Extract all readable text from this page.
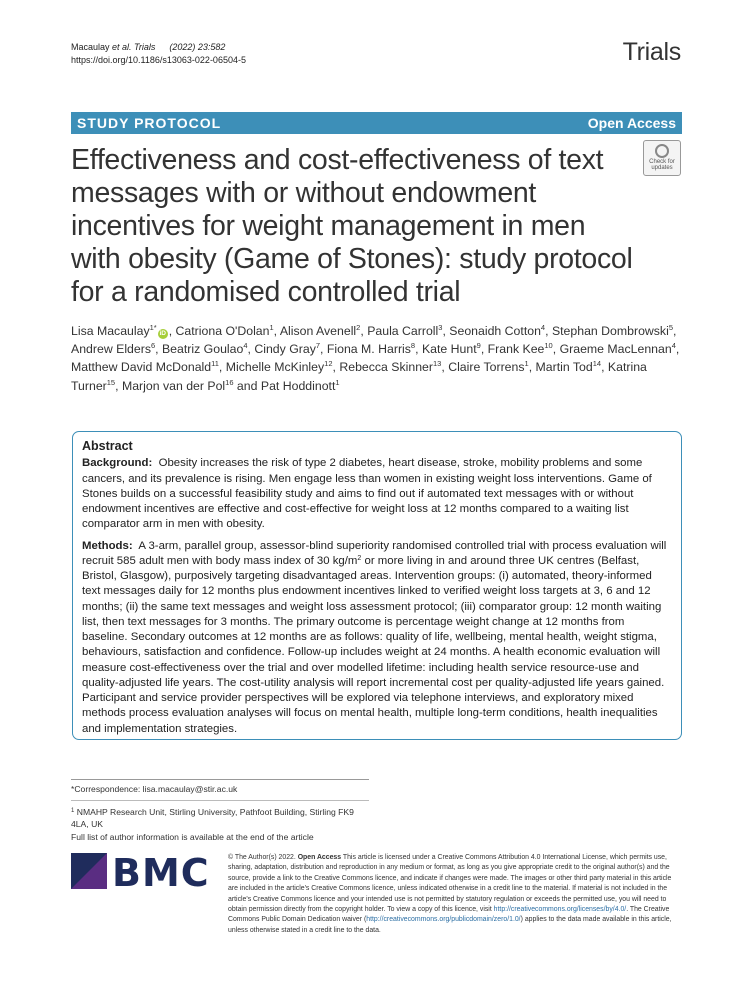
Macaulay et al. Trials (2022) 23:582
https://doi.org/10.1186/s13063-022-06504-5	Trials
STUDY PROTOCOL	Open Access
Effectiveness and cost-effectiveness of text messages with or without endowment incentives for weight management in men with obesity (Game of Stones): study protocol for a randomised controlled trial
Check for
updates
Lisa Macaulay$^{1*}$iD , Catriona O'Dolan$^1$, Alison Avenell$^2$, Paula Carroll$^3$, Seonaidh Cotton$^4$, Stephan Dombrowski$^5$, Andrew Elders$^6$, Beatriz Goulao$^4$, Cindy Gray$^7$, Fiona M. Harris$^8$, Kate Hunt$^9$, Frank Kee$^{10}$, Graeme MacLennan$^4$, Matthew David McDonald$^{11}$, Michelle McKinley$^{12}$, Rebecca Skinner$^{13}$, Claire Torrens$^1$, Martin Tod$^{14}$, Katrina Turner$^{15}$, Marjon van der Pol$^{16}$ and Pat Hoddinott$^1$
Abstract

Background: Obesity increases the risk of type 2 diabetes, heart disease, stroke, mobility problems and some cancers, and its prevalence is rising. Men engage less than women in existing weight loss interventions. Game of Stones builds on a successful feasibility study and aims to find out if automated text messages with or without endowment incentives are effective and cost-effective for weight loss at 12 months compared to a waiting list comparator arm in men with obesity.

Methods: A 3-arm, parallel group, assessor-blind superiority randomised controlled trial with process evaluation will recruit 585 adult men with body mass index of 30 $kg/m^2$ or more living in and around three UK centres (Belfast, Bristol, Glasgow), purposively targeting disadvantaged areas. Intervention groups: (i) automated, theory-informed text messages daily for 12 months plus endowment incentives linked to verified weight loss targets at 3, 6 and 12 months; (ii) the same text messages and weight loss assessment protocol; (iii) comparator group: 12 month waiting list, then text messages for 3 months. The primary outcome is percentage weight change at 12 months from baseline. Secondary outcomes at 12 months are as follows: quality of life, wellbeing, mental health, weight stigma, behaviours, satisfaction and confidence. Follow-up includes weight at 24 months. A health economic evaluation will measure cost-effectiveness over the trial and over modelled lifetime: including health service resource-use and quality-adjusted life years. The cost-utility analysis will report incremental cost per quality-adjusted life years gained. Participant and service provider perspectives will be explored via telephone interviews, and exploratory mixed methods process evaluation analyses will focus on mental health, multiple long-term conditions, health inequalities and implementation strategies.

*Correspondence: lisa.macaulay@stir.ac.uk
$^1$ NMAHP Research Unit, Stirling University, Pathfoot Building, Stirling FK9 4LA, UK
Full list of author information is available at the end of the article
BMC	© The Author(s) 2022. Open Access This article is licensed under a Creative Commons Attribution 4.0 International License, which permits use, sharing, adaptation, distribution and reproduction in any medium or format, as long as you give appropriate credit to the original author(s) and the source, provide a link to the Creative Commons licence, and indicate if changes were made. The images or other third party material in this article are included in the article's Creative Commons licence, unless indicated otherwise in a credit line to the material. If material is not included in the article's Creative Commons licence and your intended use is not permitted by statutory regulation or exceeds the permitted use, you will need to obtain permission directly from the copyright holder. To view a copy of this licence, visit http://creativecommons.org/licenses/by/4.0/. The Creative Commons Public Domain Dedication waiver (http://creativecommons.org/publicdomain/zero/1.0/) applies to the data made available in this article, unless otherwise stated in a credit line to the data.
